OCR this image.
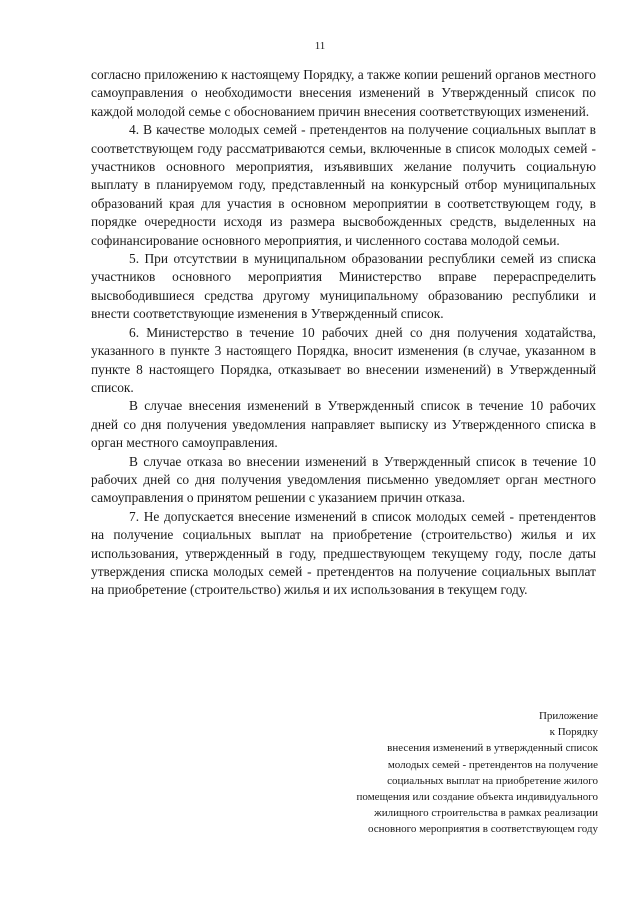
11

согласно приложению к настоящему Порядку, а также копии решений органов местного самоуправления о необходимости внесения изменений в Утвержденный список по каждой молодой семье с обоснованием причин внесения соответствующих изменений.

4. В качестве молодых семей - претендентов на получение социальных выплат в соответствующем году рассматриваются семьи, включенные в список молодых семей - участников основного мероприятия, изъявивших желание получить социальную выплату в планируемом году, представленный на конкурсный отбор муниципальных образований края для участия в основном мероприятии в соответствующем году, в порядке очередности исходя из размера высвобожденных средств, выделенных на софинансирование основного мероприятия, и численного состава молодой семьи.

5. При отсутствии в муниципальном образовании республики семей из списка участников основного мероприятия Министерство вправе перераспределить высвободившиеся средства другому муниципальному образованию республики и внести соответствующие изменения в Утвержденный список.

6. Министерство в течение 10 рабочих дней со дня получения ходатайства, указанного в пункте 3 настоящего Порядка, вносит изменения (в случае, указанном в пункте 8 настоящего Порядка, отказывает во внесении изменений) в Утвержденный список.

В случае внесения изменений в Утвержденный список в течение 10 рабочих дней со дня получения уведомления направляет выписку из Утвержденного списка в орган местного самоуправления.

В случае отказа во внесении изменений в Утвержденный список в течение 10 рабочих дней со дня получения уведомления письменно уведомляет орган местного самоуправления о принятом решении с указанием причин отказа.

7. Не допускается внесение изменений в список молодых семей - претендентов на получение социальных выплат на приобретение (строительство) жилья и их использования, утвержденный в году, предшествующем текущему году, после даты утверждения списка молодых семей - претендентов на получение социальных выплат на приобретение (строительство) жилья и их использования в текущем году.

Приложение
к Порядку
внесения изменений в утвержденный список
молодых семей - претендентов на получение
социальных выплат на приобретение жилого
помещения или создание объекта индивидуального
жилищного строительства в рамках реализации
основного мероприятия в соответствующем году
